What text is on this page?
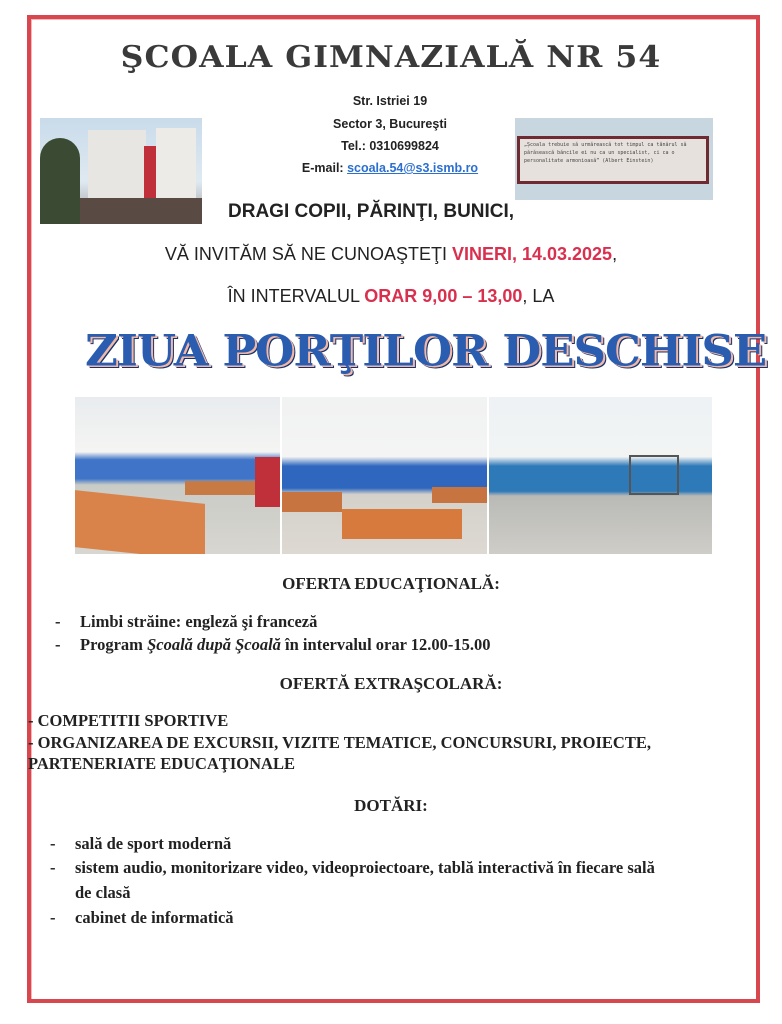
ŞCOALA GIMNAZIALĂ NR 54
Str. Istriei 19
Sector 3, Bucureşti
Tel.: 0310699824
E-mail: scoala.54@s3.ismb.ro
„Școala trebuie să urmărească tot timpul ca tânărul să părăsească băncile ei nu ca un specialist, ci ca o personalitate armonioasă” (Albert Einstein)
DRAGI COPII, PĂRINŢI, BUNICI,
VĂ INVITĂM SĂ NE CUNOAŞTEŢI VINERI, 14.03.2025,
ÎN INTERVALUL ORAR 9,00 – 13,00, LA
ZIUA PORŢILOR DESCHISE
OFERTA EDUCAŢIONALĂ:
- Limbi străine: engleză şi franceză
- Program Şcoală după Şcoală în intervalul orar 12.00-15.00
OFERTĂ EXTRAŞCOLARĂ:
- COMPETITII SPORTIVE
- ORGANIZAREA DE EXCURSII, VIZITE TEMATICE, CONCURSURI, PROIECTE,
PARTENERIATE EDUCAŢIONALE
DOTĂRI:
- sală de sport modernă
- sistem audio, monitorizare video, videoproiectoare, tablă interactivă în fiecare sală
de clasă
- cabinet de informatică
